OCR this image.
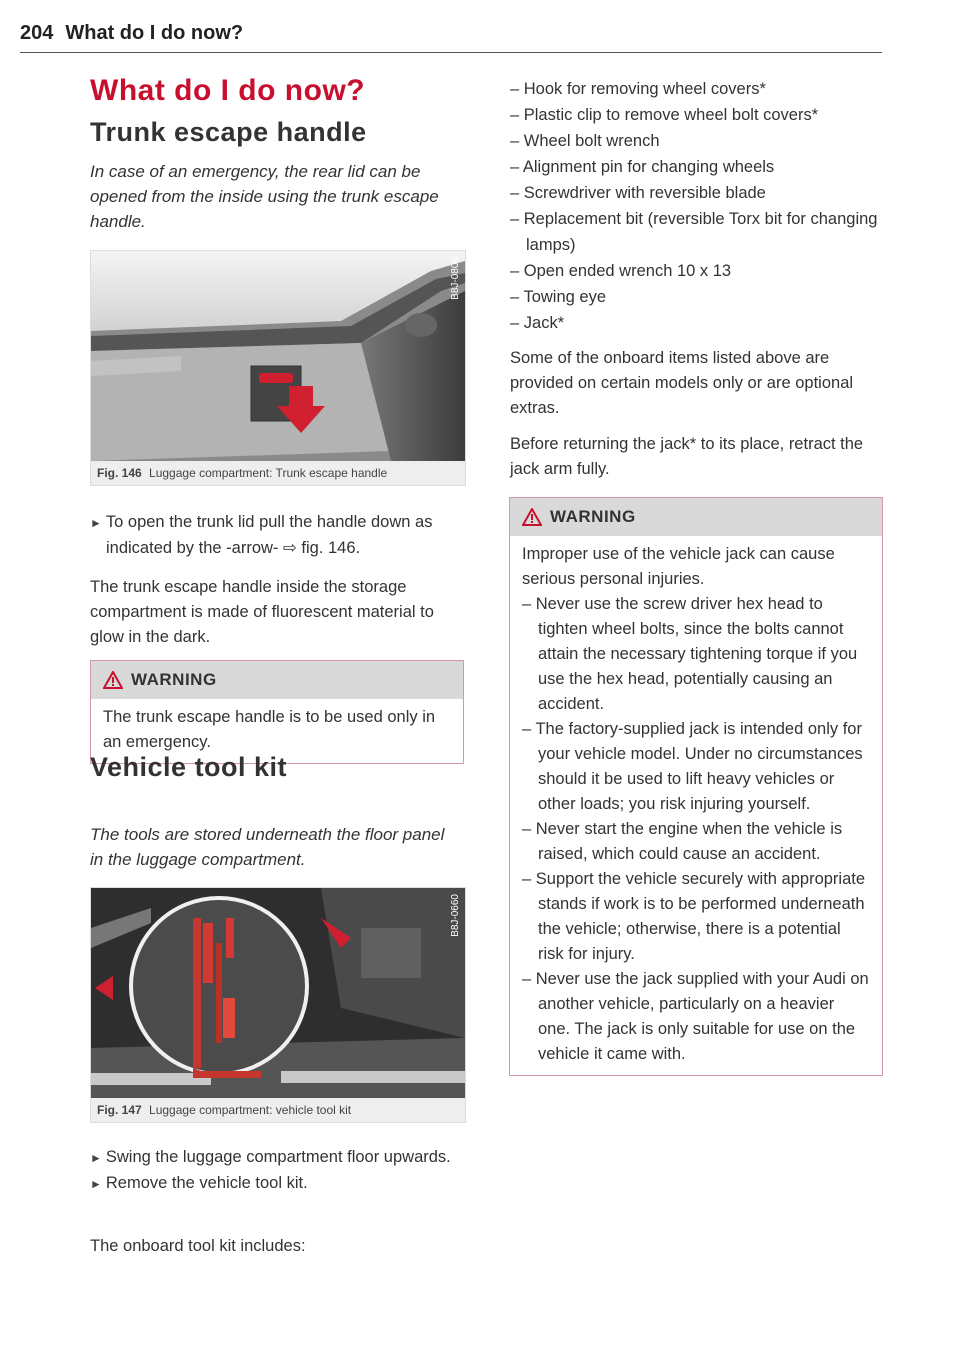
204 What do I do now?
What do I do now?
Trunk escape handle
In case of an emergency, the rear lid can be opened from the inside using the trunk escape handle.
B8J-0806
Fig. 146 Luggage compartment: Trunk escape handle
► To open the trunk lid pull the handle down as indicated by the -arrow- ⇨ fig. 146.
The trunk escape handle inside the storage compartment is made of fluorescent material to glow in the dark.
WARNING
The trunk escape handle is to be used only in an emergency.
Vehicle tool kit
The tools are stored underneath the floor panel in the luggage compartment.
B8J-0660
Fig. 147 Luggage compartment: vehicle tool kit
► Swing the luggage compartment floor upwards.
► Remove the vehicle tool kit.
The onboard tool kit includes:
– Hook for removing wheel covers*
– Plastic clip to remove wheel bolt covers*
– Wheel bolt wrench
– Alignment pin for changing wheels
– Screwdriver with reversible blade
– Replacement bit (reversible Torx bit for changing lamps)
– Open ended wrench 10 x 13
– Towing eye
– Jack*
Some of the onboard items listed above are provided on certain models only or are optional extras.
Before returning the jack* to its place, retract the jack arm fully.
WARNING
Improper use of the vehicle jack can cause serious personal injuries.
– Never use the screw driver hex head to tighten wheel bolts, since the bolts cannot attain the necessary tightening torque if you use the hex head, potentially causing an accident.
– The factory-supplied jack is intended only for your vehicle model. Under no circumstances should it be used to lift heavy vehicles or other loads; you risk injuring yourself.
– Never start the engine when the vehicle is raised, which could cause an accident.
– Support the vehicle securely with appropriate stands if work is to be performed underneath the vehicle; otherwise, there is a potential risk for injury.
– Never use the jack supplied with your Audi on another vehicle, particularly on a heavier one. The jack is only suitable for use on the vehicle it came with.
